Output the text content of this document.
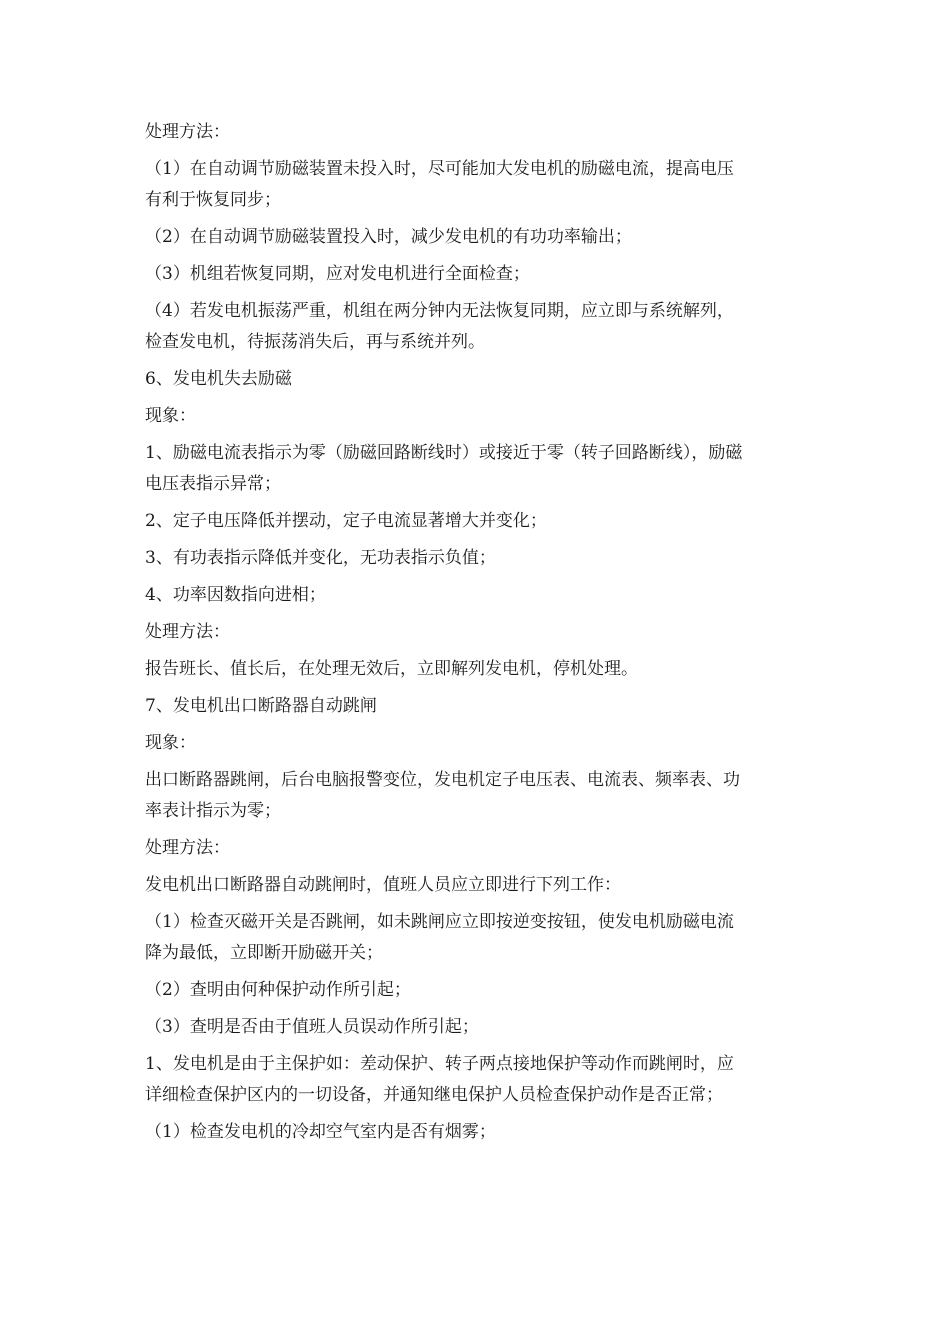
处理方法：

（1）在自动调节励磁装置未投入时，尽可能加大发电机的励磁电流，提高电压

有利于恢复同步；

（2）在自动调节励磁装置投入时，减少发电机的有功功率输出；

（3）机组若恢复同期，应对发电机进行全面检查；

（4）若发电机振荡严重，机组在两分钟内无法恢复同期，应立即与系统解列，

检查发电机，待振荡消失后，再与系统并列。

6、发电机失去励磁

现象：

1、励磁电流表指示为零（励磁回路断线时）或接近于零（转子回路断线），励磁

电压表指示异常；

2、定子电压降低并摆动，定子电流显著增大并变化；

3、有功表指示降低并变化，无功表指示负值；

4、功率因数指向进相；

处理方法：

报告班长、值长后，在处理无效后，立即解列发电机，停机处理。

7、发电机出口断路器自动跳闸

现象：

出口断路器跳闸，后台电脑报警变位，发电机定子电压表、电流表、频率表、功

率表计指示为零；

处理方法：

发电机出口断路器自动跳闸时，值班人员应立即进行下列工作：

（1）检查灭磁开关是否跳闸，如未跳闸应立即按逆变按钮，使发电机励磁电流

降为最低，立即断开励磁开关；

（2）查明由何种保护动作所引起；

（3）查明是否由于值班人员误动作所引起；

1、发电机是由于主保护如：差动保护、转子两点接地保护等动作而跳闸时，应

详细检查保护区内的一切设备，并通知继电保护人员检查保护动作是否正常；

（1）检查发电机的冷却空气室内是否有烟雾；
